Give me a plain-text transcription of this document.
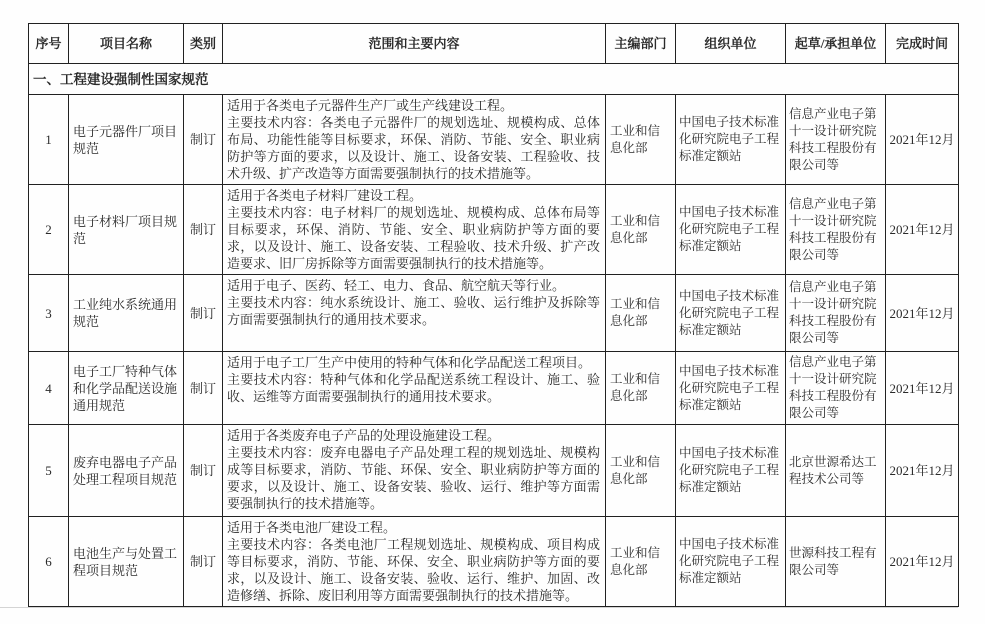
序号	项目名称	类别	范围和主要内容	主编部门	组织单位	起草/承担单位	完成时间
一、工程建设强制性国家规范							
1	电子元器件厂项目规范	制订	适用于各类电子元器件生产厂或生产线建设工程。
主要技术内容：各类电子元器件厂的规划选址、规模构成、总体布局、功能性能等目标要求，环保、消防、节能、安全、职业病防护等方面的要求，以及设计、施工、设备安装、工程验收、技术升级、扩产改造等方面需要强制执行的技术措施等。	工业和信息化部	中国电子技术标准化研究院电子工程标准定额站	信息产业电子第十一设计研究院科技工程股份有限公司等	2021年12月
2	电子材料厂项目规范	制订	适用于各类电子材料厂建设工程。
主要技术内容：电子材料厂的规划选址、规模构成、总体布局等目标要求，环保、消防、节能、安全、职业病防护等方面的要求，以及设计、施工、设备安装、工程验收、技术升级、扩产改造要求、旧厂房拆除等方面需要强制执行的技术措施等。	工业和信息化部	中国电子技术标准化研究院电子工程标准定额站	信息产业电子第十一设计研究院科技工程股份有限公司等	2021年12月
3	工业纯水系统通用规范	制订	适用于电子、医药、轻工、电力、食品、航空航天等行业。
主要技术内容：纯水系统设计、施工、验收、运行维护及拆除等方面需要强制执行的通用技术要求。	工业和信息化部	中国电子技术标准化研究院电子工程标准定额站	信息产业电子第十一设计研究院科技工程股份有限公司等	2021年12月
4	电子工厂特种气体和化学品配送设施通用规范	制订	适用于电子工厂生产中使用的特种气体和化学品配送工程项目。
主要技术内容：特种气体和化学品配送系统工程设计、施工、验收、运维等方面需要强制执行的通用技术要求。	工业和信息化部	中国电子技术标准化研究院电子工程标准定额站	信息产业电子第十一设计研究院科技工程股份有限公司等	2021年12月
5	废弃电器电子产品处理工程项目规范	制订	适用于各类废弃电子产品的处理设施建设工程。
主要技术内容：废弃电器电子产品处理工程的规划选址、规模构成等目标要求，消防、节能、环保、安全、职业病防护等方面的要求，以及设计、施工、设备安装、验收、运行、维护等方面需要强制执行的技术措施等。	工业和信息化部	中国电子技术标准化研究院电子工程标准定额站	北京世源希达工程技术公司等	2021年12月
6	电池生产与处置工程项目规范	制订	适用于各类电池厂建设工程。
主要技术内容：各类电池厂工程规划选址、规模构成、项目构成等目标要求，消防、节能、环保、安全、职业病防护等方面的要求，以及设计、施工、设备安装、验收、运行、维护、加固、改造修缮、拆除、废旧利用等方面需要强制执行的技术措施等。	工业和信息化部	中国电子技术标准化研究院电子工程标准定额站	世源科技工程有限公司等	2021年12月
